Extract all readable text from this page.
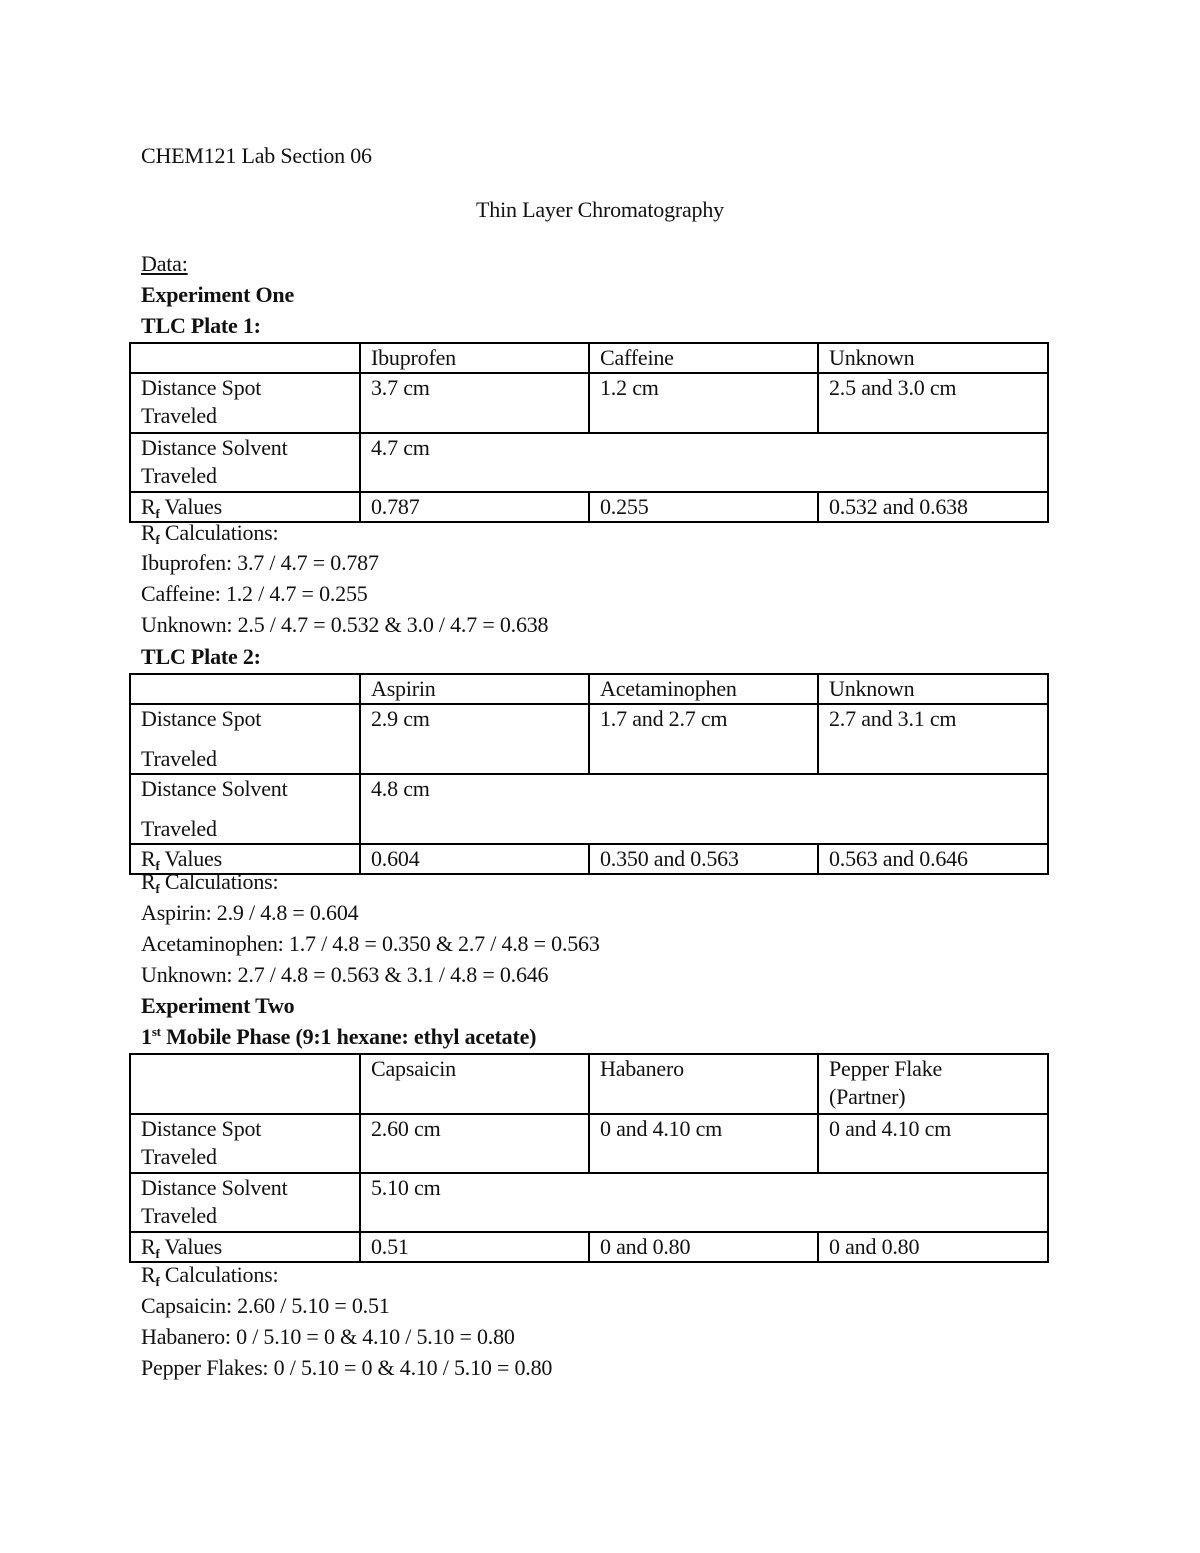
CHEM121 Lab Section 06
Thin Layer Chromatography
Data:
Experiment One
TLC Plate 1:
	Ibuprofen	Caffeine	Unknown

Distance Spot
Traveled	3.7 cm	1.2 cm	2.5 and 3.0 cm

Distance Solvent
Traveled	4.7 cm		
$R_f$ Values	0.787	0.255	0.532 and 0.638
$R_f$ Calculations:
Ibuprofen: 3.7 / 4.7 = 0.787
Caffeine: 1.2 / 4.7 = 0.255
Unknown: 2.5 / 4.7 = 0.532 & 3.0 / 4.7 = 0.638
TLC Plate 2:
	Aspirin	Acetaminophen	Unknown

Distance Spot
Traveled	2.9 cm	1.7 and 2.7 cm	2.7 and 3.1 cm

Distance Solvent
Traveled	4.8 cm		
$R_f$ Values	0.604	0.350 and 0.563	0.563 and 0.646
$R_f$ Calculations:
Aspirin: 2.9 / 4.8 = 0.604
Acetaminophen: 1.7 / 4.8 = 0.350 & 2.7 / 4.8 = 0.563
Unknown: 2.7 / 4.8 = 0.563 & 3.1 / 4.8 = 0.646
Experiment Two
1st Mobile Phase (9:1 hexane: ethyl acetate)
	Capsaicin	Habanero	Pepper Flake
(Partner)

Distance Spot
Traveled	2.60 cm	0 and 4.10 cm	0 and 4.10 cm

Distance Solvent
Traveled	5.10 cm		
$R_f$ Values	0.51	0 and 0.80	0 and 0.80
$R_f$ Calculations:
Capsaicin: 2.60 / 5.10 = 0.51
Habanero: 0 / 5.10 = 0 & 4.10 / 5.10 = 0.80
Pepper Flakes: 0 / 5.10 = 0 & 4.10 / 5.10 = 0.80
